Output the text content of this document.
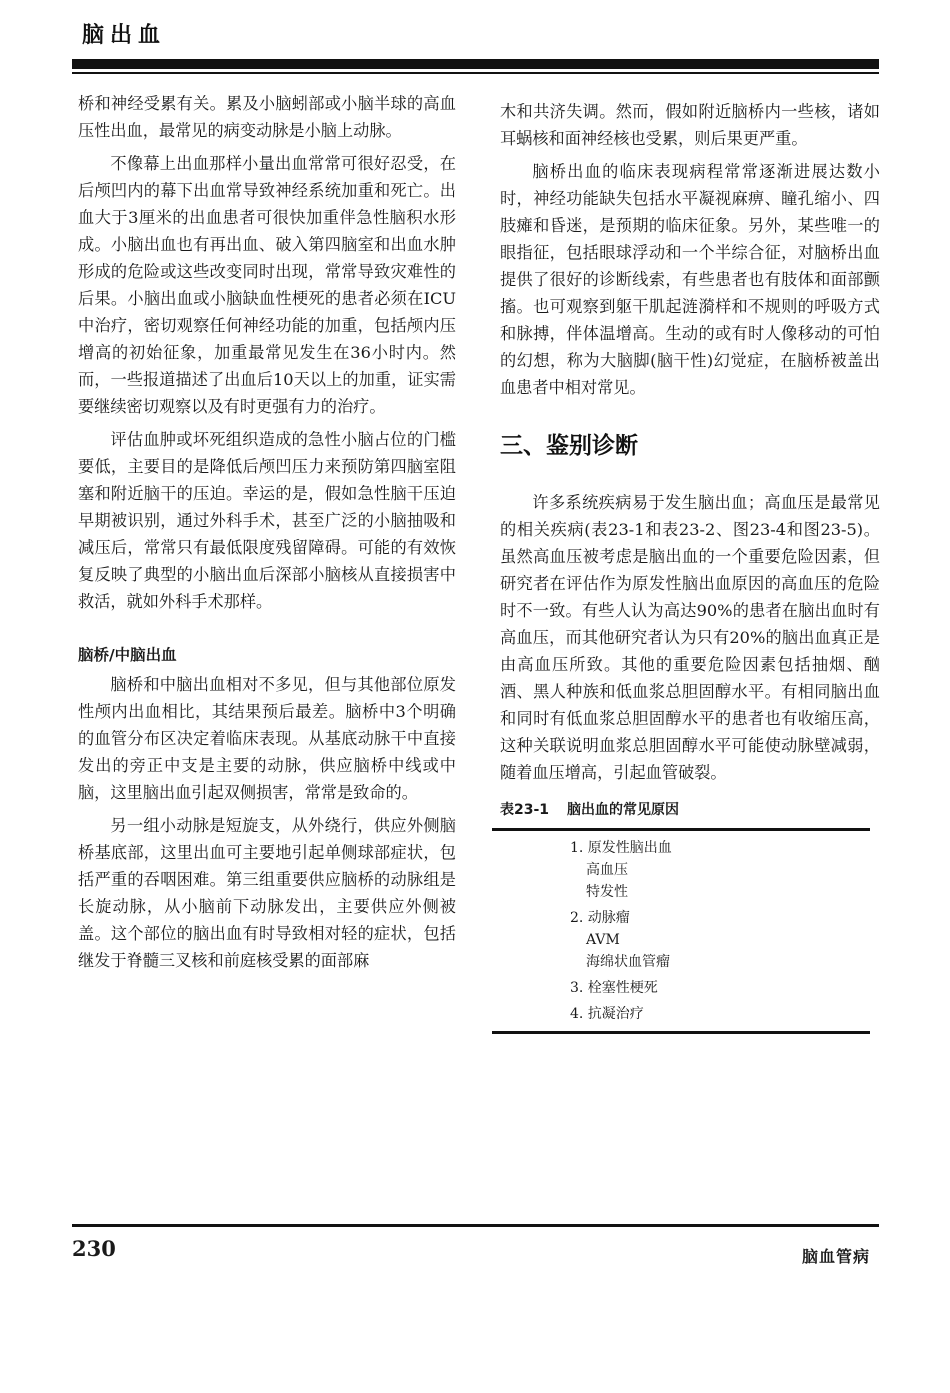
脑出血

桥和神经受累有关。累及小脑蚓部或小脑半球的高血压性出血，最常见的病变动脉是小脑上动脉。

不像幕上出血那样小量出血常常可很好忍受，在后颅凹内的幕下出血常导致神经系统加重和死亡。出血大于3厘米的出血患者可很快加重伴急性脑积水形成。小脑出血也有再出血、破入第四脑室和出血水肿形成的危险或这些改变同时出现，常常导致灾难性的后果。小脑出血或小脑缺血性梗死的患者必须在ICU中治疗，密切观察任何神经功能的加重，包括颅内压增高的初始征象，加重最常见发生在36小时内。然而，一些报道描述了出血后10天以上的加重，证实需要继续密切观察以及有时更强有力的治疗。

评估血肿或坏死组织造成的急性小脑占位的门槛要低，主要目的是降低后颅凹压力来预防第四脑室阻塞和附近脑干的压迫。幸运的是，假如急性脑干压迫早期被识别，通过外科手术，甚至广泛的小脑抽吸和减压后，常常只有最低限度残留障碍。可能的有效恢复反映了典型的小脑出血后深部小脑核从直接损害中救活，就如外科手术那样。

脑桥/中脑出血

脑桥和中脑出血相对不多见，但与其他部位原发性颅内出血相比，其结果预后最差。脑桥中3个明确的血管分布区决定着临床表现。从基底动脉干中直接发出的旁正中支是主要的动脉，供应脑桥中线或中脑，这里脑出血引起双侧损害，常常是致命的。

另一组小动脉是短旋支，从外绕行，供应外侧脑桥基底部，这里出血可主要地引起单侧球部症状，包括严重的吞咽困难。第三组重要供应脑桥的动脉组是长旋动脉，从小脑前下动脉发出，主要供应外侧被盖。这个部位的脑出血有时导致相对轻的症状，包括继发于脊髓三叉核和前庭核受累的面部麻

木和共济失调。然而，假如附近脑桥内一些核，诸如耳蜗核和面神经核也受累，则后果更严重。

脑桥出血的临床表现病程常常逐渐进展达数小时，神经功能缺失包括水平凝视麻痹、瞳孔缩小、四肢瘫和昏迷，是预期的临床征象。另外，某些唯一的眼指征，包括眼球浮动和一个半综合征，对脑桥出血提供了很好的诊断线索，有些患者也有肢体和面部颤搐。也可观察到躯干肌起涟漪样和不规则的呼吸方式和脉搏，伴体温增高。生动的或有时人像移动的可怕的幻想，称为大脑脚(脑干性)幻觉症，在脑桥被盖出血患者中相对常见。

三、鉴别诊断

许多系统疾病易于发生脑出血；高血压是最常见的相关疾病(表23-1和表23-2、图23-4和图23-5)。虽然高血压被考虑是脑出血的一个重要危险因素，但研究者在评估作为原发性脑出血原因的高血压的危险时不一致。有些人认为高达90%的患者在脑出血时有高血压，而其他研究者认为只有20%的脑出血真正是由高血压所致。其他的重要危险因素包括抽烟、酗酒、黑人种族和低血浆总胆固醇水平。有相同脑出血和同时有低血浆总胆固醇水平的患者也有收缩压高，这种关联说明血浆总胆固醇水平可能使动脉壁减弱，随着血压增高，引起血管破裂。

表23-1 脑出血的常见原因
1. 原发性脑出血
高血压
特发性
2. 动脉瘤
AVM
海绵状血管瘤
3. 栓塞性梗死
4. 抗凝治疗
230	脑血管病
